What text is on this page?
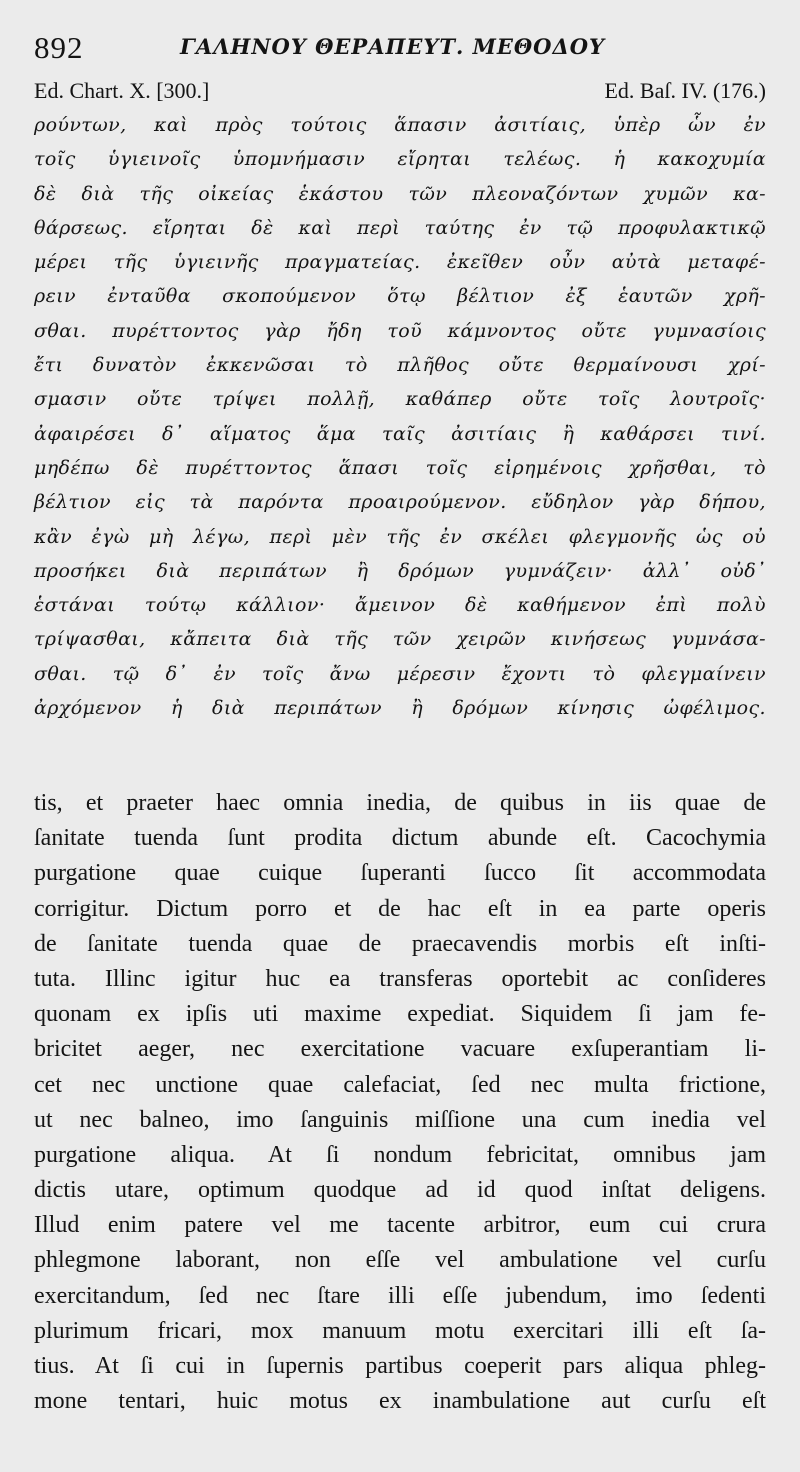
892	ΓΑΛΗΝΟΥ ΘΕΡΑΠΕΥΤ. ΜΕΘΟΔΟΥ
Ed. Chart. X. [300.]	Ed. Baſ. IV. (176.)
ρούντων, καὶ πρὸς τούτοις ἅπασιν ἀσιτίαις, ὑπὲρ ὧν ἐν
τοῖς ὑγιεινοῖς ὑπομνήμασιν εἴρηται τελέως. ἡ κακοχυμία
δὲ διὰ τῆς οἰκείας ἑκάστου τῶν πλεοναζόντων χυμῶν κα-
θάρσεως. εἴρηται δὲ καὶ περὶ ταύτης ἐν τῷ προφυλακτικῷ
μέρει τῆς ὑγιεινῆς πραγματείας. ἐκεῖθεν οὖν αὐτὰ μεταφέ-
ρειν ἐνταῦθα σκοπούμενον ὅτῳ βέλτιον ἐξ ἑαυτῶν χρῆ-
σθαι. πυρέττοντος γὰρ ἤδη τοῦ κάμνοντος οὔτε γυμνασίοις
ἔτι δυνατὸν ἐκκενῶσαι τὸ πλῆθος οὔτε θερμαίνουσι χρί-
σμασιν οὔτε τρίψει πολλῇ, καθάπερ οὔτε τοῖς λουτροῖς·
ἀφαιρέσει δ᾽ αἵματος ἅμα ταῖς ἀσιτίαις ἢ καθάρσει τινί.
μηδέπω δὲ πυρέττοντος ἅπασι τοῖς εἰρημένοις χρῆσθαι, τὸ
βέλτιον εἰς τὰ παρόντα προαιρούμενον. εὔδηλον γὰρ δήπου,
κἂν ἐγὼ μὴ λέγω, περὶ μὲν τῆς ἐν σκέλει φλεγμονῆς ὡς οὐ
προσήκει διὰ περιπάτων ἢ δρόμων γυμνάζειν· ἀλλ᾽ οὐδ᾽
ἑστάναι τούτῳ κάλλιον· ἄμεινον δὲ καθήμενον ἐπὶ πολὺ
τρίψασθαι, κἄπειτα διὰ τῆς τῶν χειρῶν κινήσεως γυμνάσα-
σθαι. τῷ δ᾽ ἐν τοῖς ἄνω μέρεσιν ἔχοντι τὸ φλεγμαίνειν
ἀρχόμενον ἡ διὰ περιπάτων ἢ δρόμων κίνησις ὠφέλιμος.
tis, et praeter haec omnia inedia, de quibus in iis quae de
ſanitate tuenda ſunt prodita dictum abunde eſt. Cacochymia
purgatione quae cuique ſuperanti ſucco ſit accommodata
corrigitur. Dictum porro et de hac eſt in ea parte operis
de ſanitate tuenda quae de praecavendis morbis eſt inſti-
tuta. Illinc igitur huc ea transferas oportebit ac conſideres
quonam ex ipſis uti maxime expediat. Siquidem ſi jam fe-
bricitet aeger, nec exercitatione vacuare exſuperantiam li-
cet nec unctione quae calefaciat, ſed nec multa frictione,
ut nec balneo, imo ſanguinis miſſione una cum inedia vel
purgatione aliqua. At ſi nondum febricitat, omnibus jam
dictis utare, optimum quodque ad id quod inſtat deligens.
Illud enim patere vel me tacente arbitror, eum cui crura
phlegmone laborant, non eſſe vel ambulatione vel curſu
exercitandum, ſed nec ſtare illi eſſe jubendum, imo ſedenti
plurimum fricari, mox manuum motu exercitari illi eſt ſa-
tius. At ſi cui in ſupernis partibus coeperit pars aliqua phleg-
mone tentari, huic motus ex inambulatione aut curſu eſt
